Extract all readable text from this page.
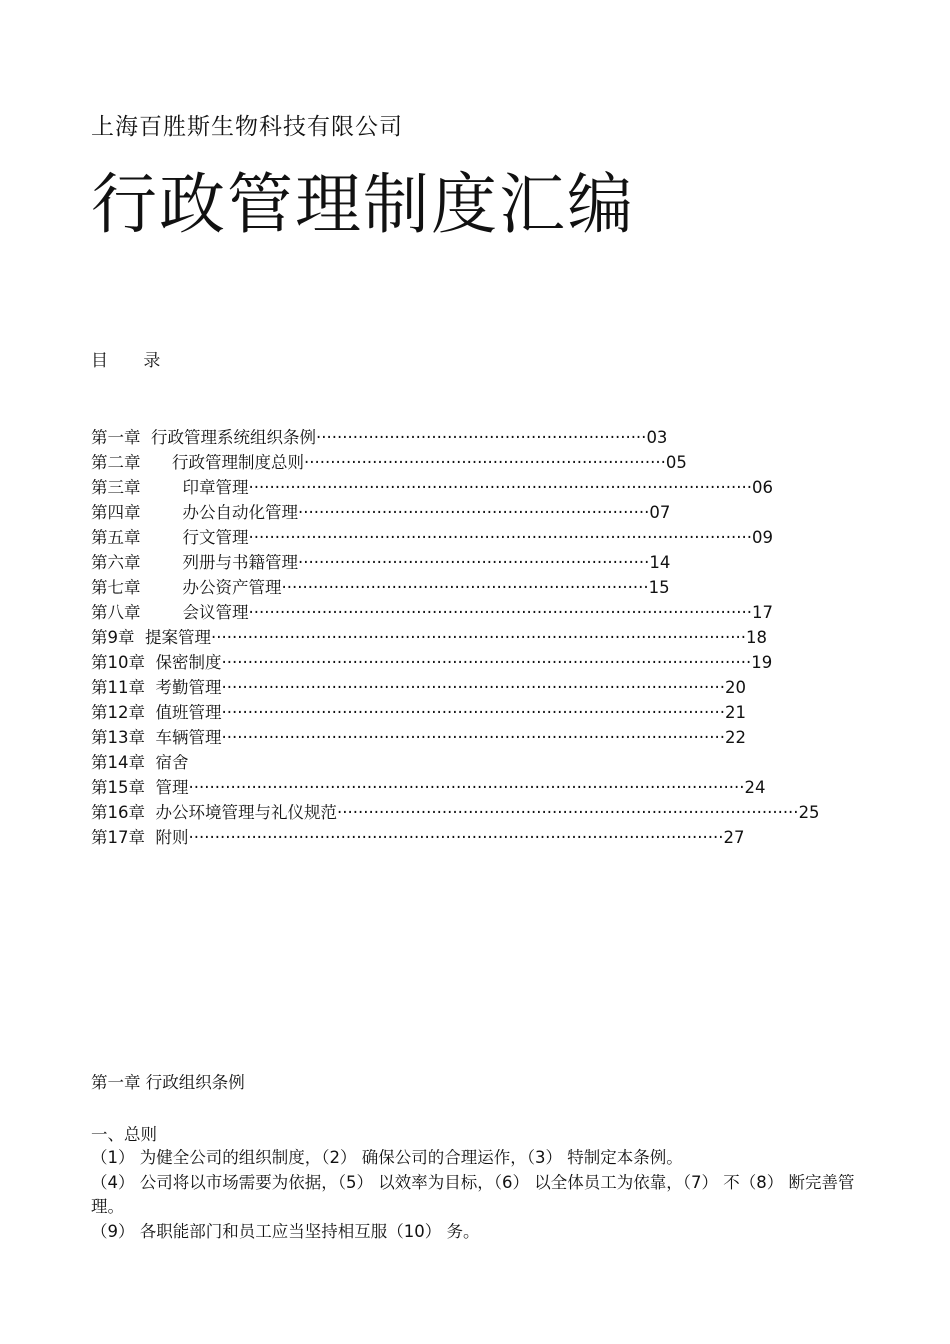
上海百胜斯生物科技有限公司
行政管理制度汇编
目 录
第一章  行政管理系统组织条例·······························································03
第二章      行政管理制度总则·····································································05
第三章        印章管理································································································06
第四章        办公自动化管理···································································07
第五章        行文管理································································································09
第六章        列册与书籍管理···································································14
第七章        办公资产管理······································································15
第八章        会议管理································································································17
第9章  提案管理······································································································18
第10章  保密制度·····································································································19
第11章  考勤管理································································································20
第12章  值班管理································································································21
第13章  车辆管理································································································22
第14章  宿舍
第15章  管理··········································································································24
第16章  办公环境管理与礼仪规范························································································25
第17章  附则······································································································27
第一章 行政组织条例
一、总则

（1） 为健全公司的组织制度，（2） 确保公司的合理运作，（3） 特制定本条例。

（4） 公司将以市场需要为依据，（5） 以效率为目标，（6） 以全体员工为依靠，（7） 不（8） 断完善管理。

（9） 各职能部门和员工应当坚持相互服（10） 务。
